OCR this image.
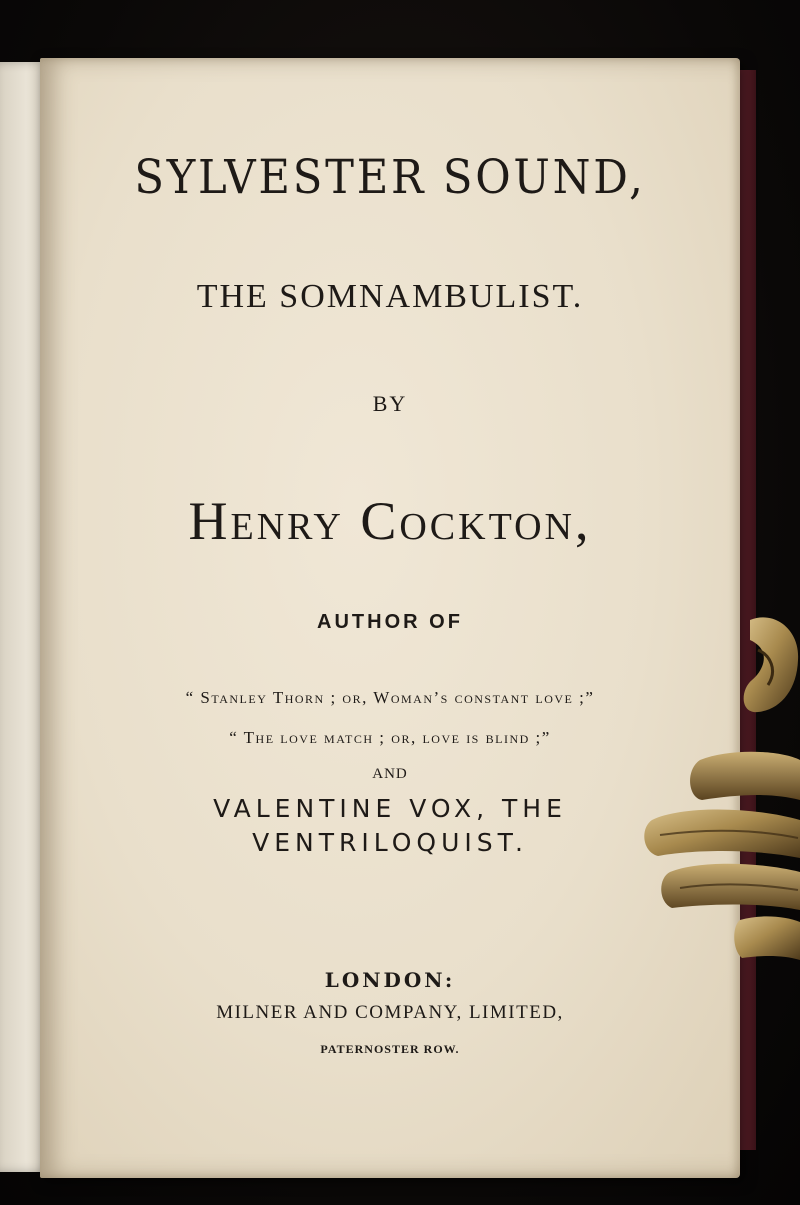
SYLVESTER SOUND,
THE SOMNAMBULIST.
BY
Henry Cockton,
AUTHOR OF
“ Stanley Thorn ; or, Woman’s constant love ;”
“ The love match ; or, love is blind ;”
AND
VALENTINE VOX, THE
VENTRILOQUIST.
LONDON:
MILNER AND COMPANY, LIMITED,
PATERNOSTER ROW.
